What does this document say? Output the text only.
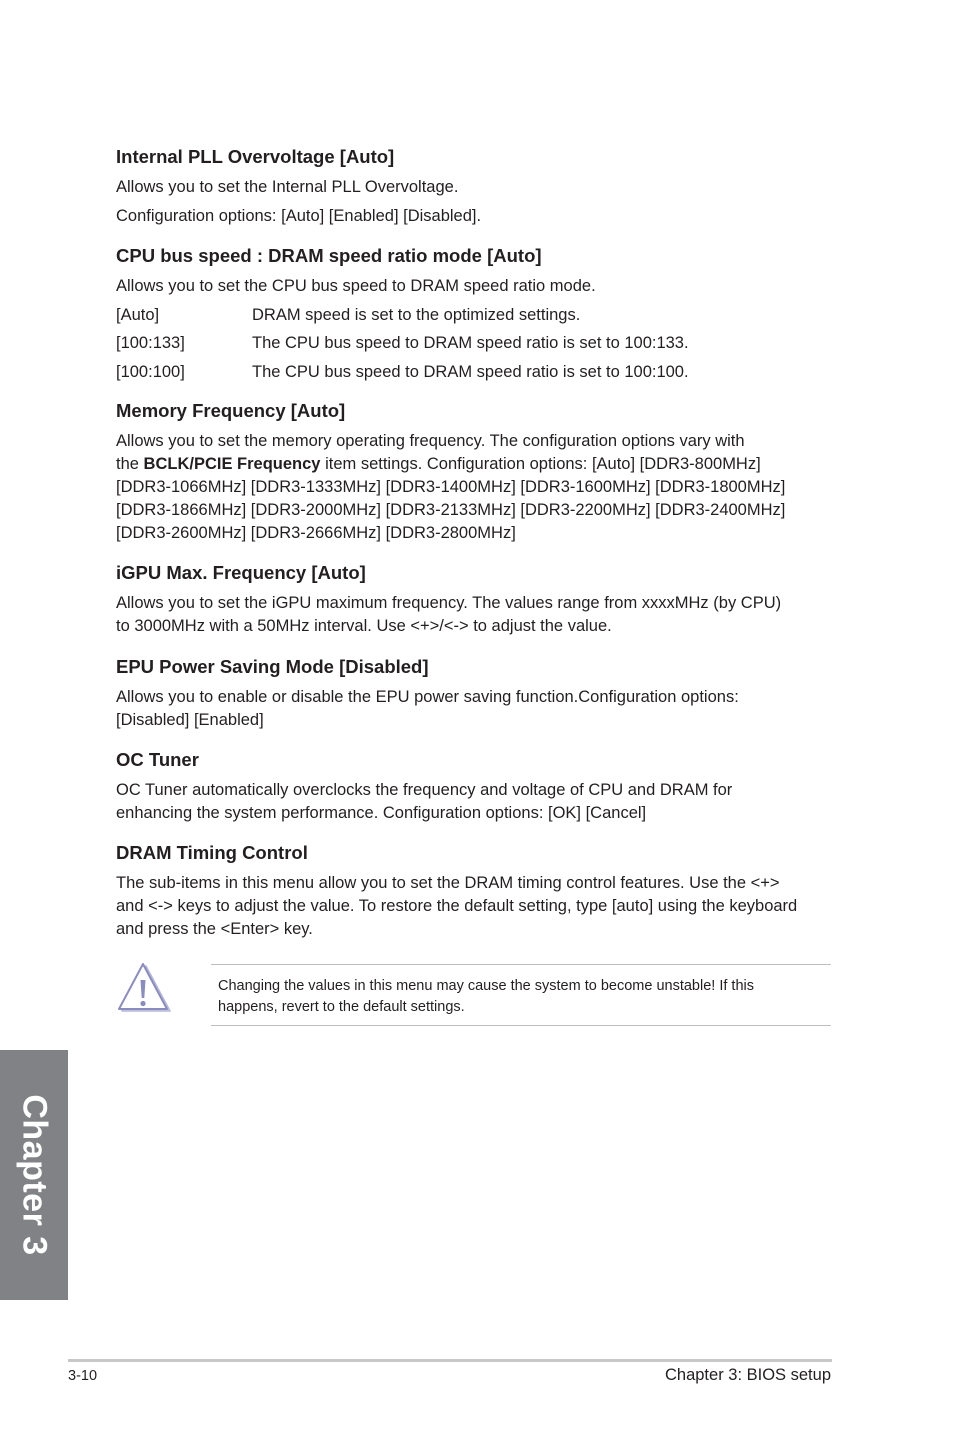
Internal PLL Overvoltage [Auto]

Allows you to set the Internal PLL Overvoltage.

Configuration options: [Auto] [Enabled] [Disabled].

CPU bus speed : DRAM speed ratio mode [Auto]

Allows you to set the CPU bus speed to DRAM speed ratio mode.

[Auto]	DRAM speed is set to the optimized settings.

[100:133]	The CPU bus speed to DRAM speed ratio is set to 100:133.

[100:100]	The CPU bus speed to DRAM speed ratio is set to 100:100.

Memory Frequency [Auto]

Allows you to set the memory operating frequency. The configuration options vary with

the BCLK/PCIE Frequency item settings. Configuration options: [Auto] [DDR3-800MHz]

[DDR3-1066MHz] [DDR3-1333MHz] [DDR3-1400MHz] [DDR3-1600MHz] [DDR3-1800MHz]

[DDR3-1866MHz] [DDR3-2000MHz] [DDR3-2133MHz] [DDR3-2200MHz] [DDR3-2400MHz]

[DDR3-2600MHz] [DDR3-2666MHz] [DDR3-2800MHz]

iGPU Max. Frequency [Auto]

Allows you to set the iGPU maximum frequency. The values range from xxxxMHz (by CPU)

to 3000MHz with a 50MHz interval. Use <+>/<-> to adjust the value.

EPU Power Saving Mode [Disabled]

Allows you to enable or disable the EPU power saving function.Configuration options:

[Disabled] [Enabled]

OC Tuner

OC Tuner automatically overclocks the frequency and voltage of CPU and DRAM for

enhancing the system performance. Configuration options: [OK] [Cancel]

DRAM Timing Control

The sub-items in this menu allow you to set the DRAM timing control features. Use the <+>

and <-> keys to adjust the value. To restore the default setting, type [auto] using the keyboard

and press the <Enter> key.

Changing the values in this menu may cause the system to become unstable! If this
happens, revert to the default settings.

Chapter 3
3-10	Chapter 3: BIOS setup
